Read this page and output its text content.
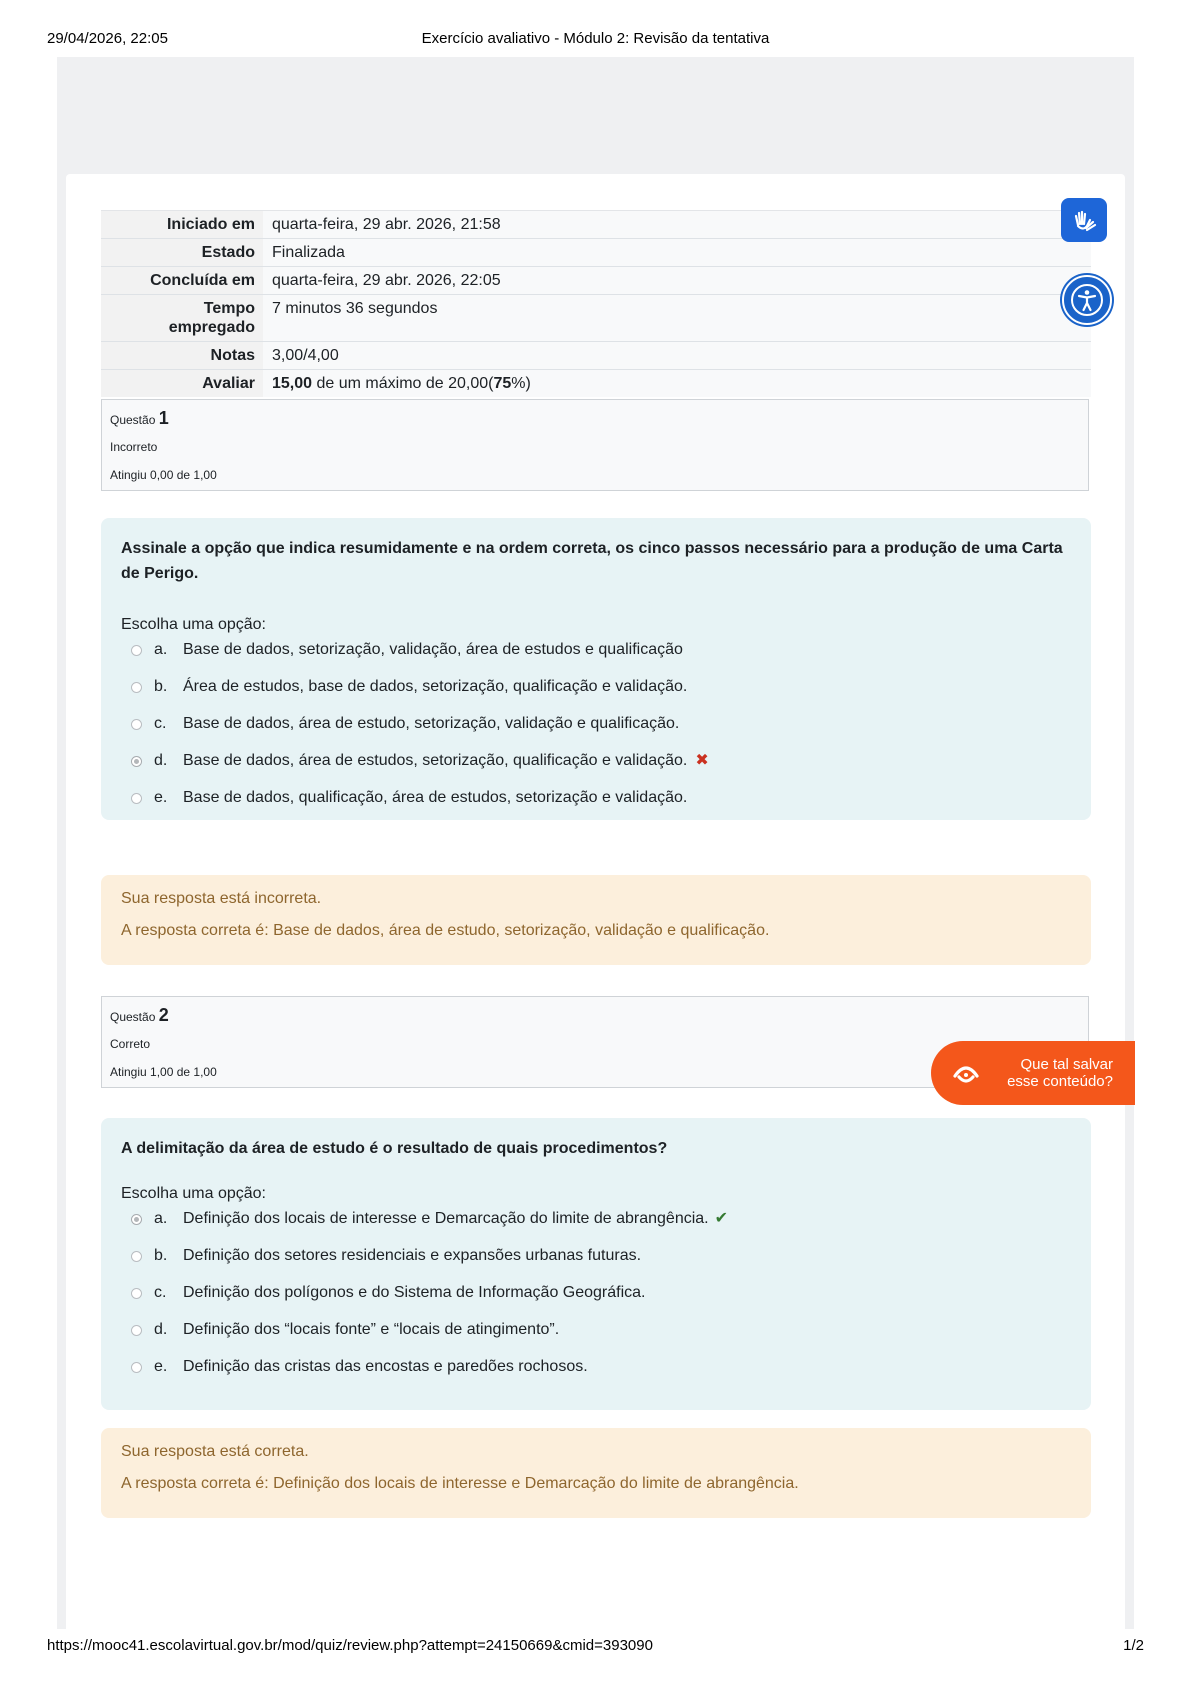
29/04/2026, 22:05	Exercício avaliativo - Módulo 2: Revisão da tentativa
Iniciado em	quarta-feira, 29 abr. 2026, 21:58
Estado	Finalizada
Concluída em	quarta-feira, 29 abr. 2026, 22:05
Tempo
empregado	7 minutos 36 segundos
Notas	3,00/4,00
Avaliar	15,00 de um máximo de 20,00(75%)
Questão 1
Incorreto
Atingiu 0,00 de 1,00
Assinale a opção que indica resumidamente e na ordem correta, os cinco passos necessário para a produção de uma Carta de Perigo.
Escolha uma opção:
a. Base de dados, setorização, validação, área de estudos e qualificação
b. Área de estudos, base de dados, setorização, qualificação e validação.
c. Base de dados, área de estudo, setorização, validação e qualificação.
d. Base de dados, área de estudos, setorização, qualificação e validação. ✖
e. Base de dados, qualificação, área de estudos, setorização e validação.
Sua resposta está incorreta.
A resposta correta é: Base de dados, área de estudo, setorização, validação e qualificação.
Questão 2
Correto
Atingiu 1,00 de 1,00
A delimitação da área de estudo é o resultado de quais procedimentos?
Escolha uma opção:
a. Definição dos locais de interesse e Demarcação do limite de abrangência. ✔
b. Definição dos setores residenciais e expansões urbanas futuras.
c. Definição dos polígonos e do Sistema de Informação Geográfica.
d. Definição dos “locais fonte” e “locais de atingimento”.
e. Definição das cristas das encostas e paredões rochosos.
Sua resposta está correta.
A resposta correta é: Definição dos locais de interesse e Demarcação do limite de abrangência.
Que tal salvar
esse conteúdo?
https://mooc41.escolavirtual.gov.br/mod/quiz/review.php?attempt=24150669&cmid=393090	1/2
